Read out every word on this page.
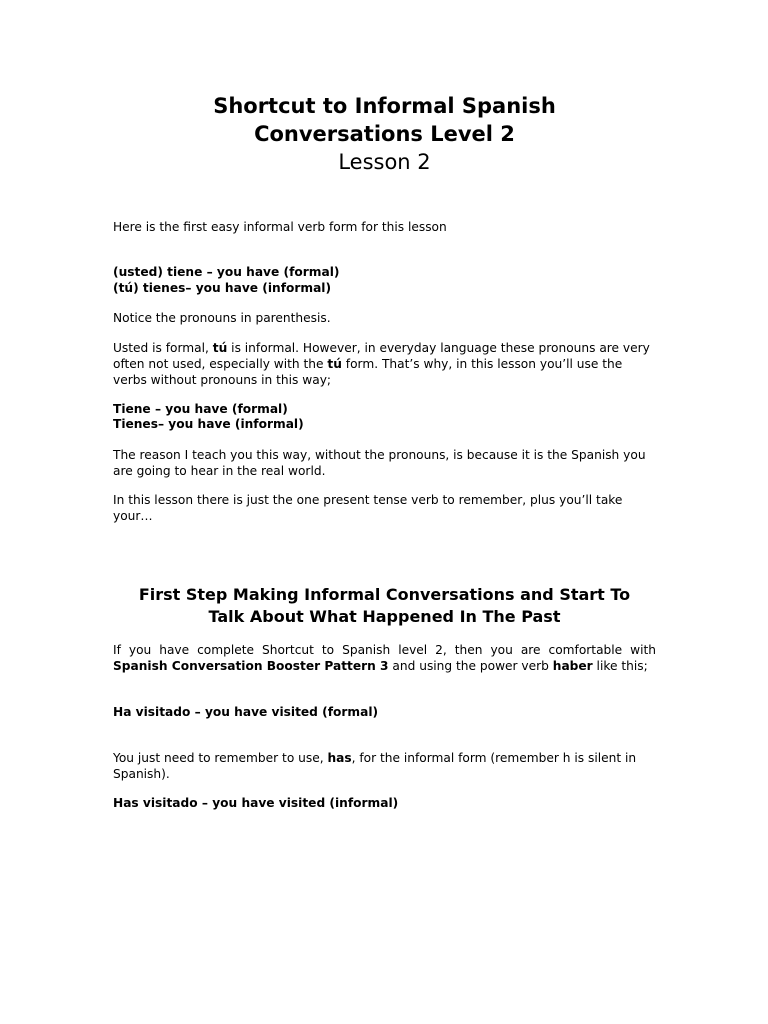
Shortcut to Informal Spanish
Conversations Level 2
Lesson 2
Here is the first easy informal verb form for this lesson
(usted) tiene – you have (formal)
(tú) tienes– you have (informal)
Notice the pronouns in parenthesis.
Usted is formal, tú is informal. However, in everyday language these pronouns are very often not used, especially with the tú form. That’s why, in this lesson you’ll use the verbs without pronouns in this way;
Tiene – you have (formal)
Tienes– you have (informal)
The reason I teach you this way, without the pronouns, is because it is the Spanish you are going to hear in the real world.
In this lesson there is just the one present tense verb to remember, plus you’ll take your…
First Step Making Informal Conversations and Start To
Talk About What Happened In The Past
If you have complete Shortcut to Spanish level 2, then you are comfortable with Spanish Conversation Booster Pattern 3 and using the power verb haber like this;
Ha visitado – you have visited (formal)
You just need to remember to use, has, for the informal form (remember h is silent in Spanish).
Has visitado – you have visited (informal)
